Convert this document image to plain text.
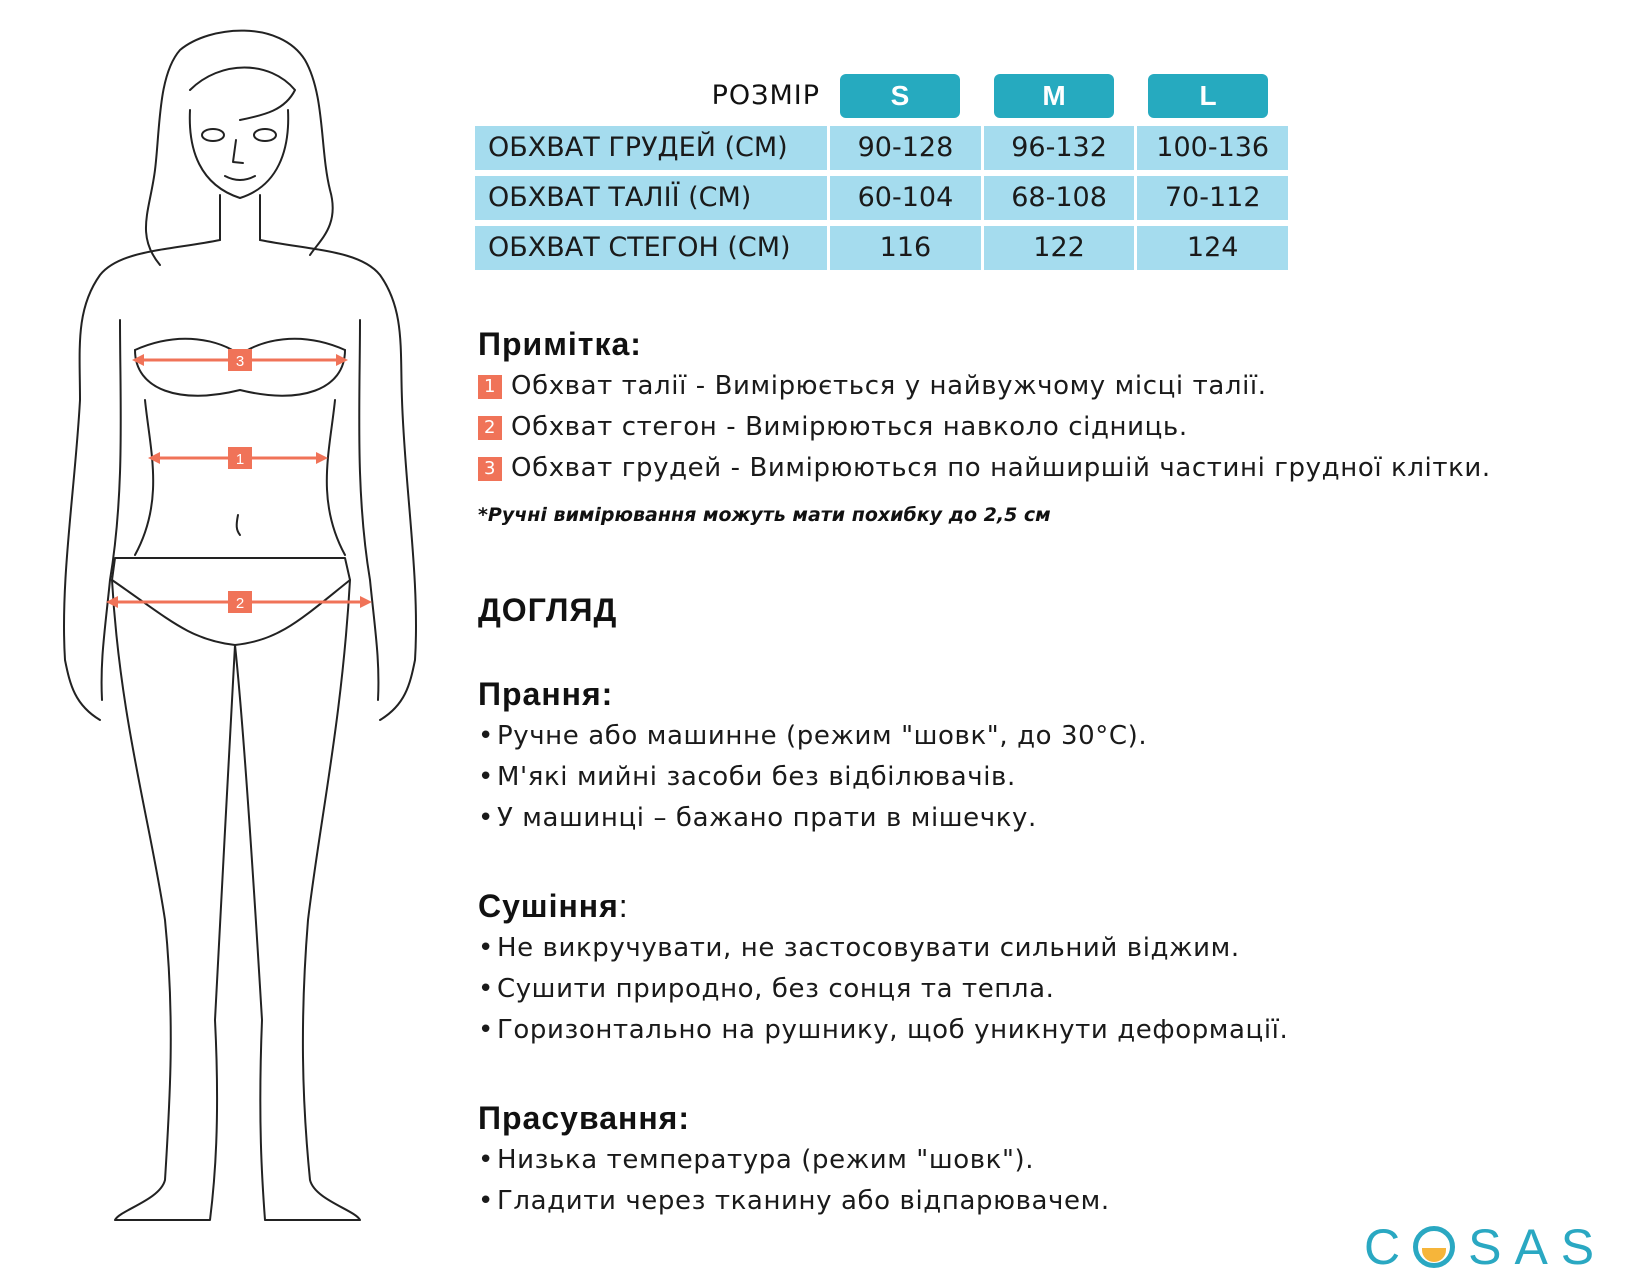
3
1
2
РОЗМІР	S	M	L
ОБХВАТ ГРУДЕЙ (СМ)	90-128	96-132	100-136
ОБХВАТ ТАЛІЇ (СМ)	60-104	68-108	70-112
ОБХВАТ СТЕГОН (СМ)	116	122	124
Примітка:
1 Обхват талії - Вимірюється у найвужчому місці талії.
2 Обхват стегон - Вимірюються навколо сідниць.
3 Обхват грудей - Вимірюються по найширшій частині грудної клітки.
*Ручні вимірювання можуть мати похибку до 2,5 см
ДОГЛЯД
Прання:
• Ручне або машинне (режим "шовк", до 30°С).
• М'які мийні засоби без відбілювачів.
• У машинці – бажано прати в мішечку.
Сушіння:
• Не викручувати, не застосовувати сильний віджим.
• Сушити природно, без сонця та тепла.
• Горизонтально на рушнику, щоб уникнути деформації.
Прасування:
• Низька температура (режим "шовк").
• Гладити через тканину або відпарювачем.
C SAS
